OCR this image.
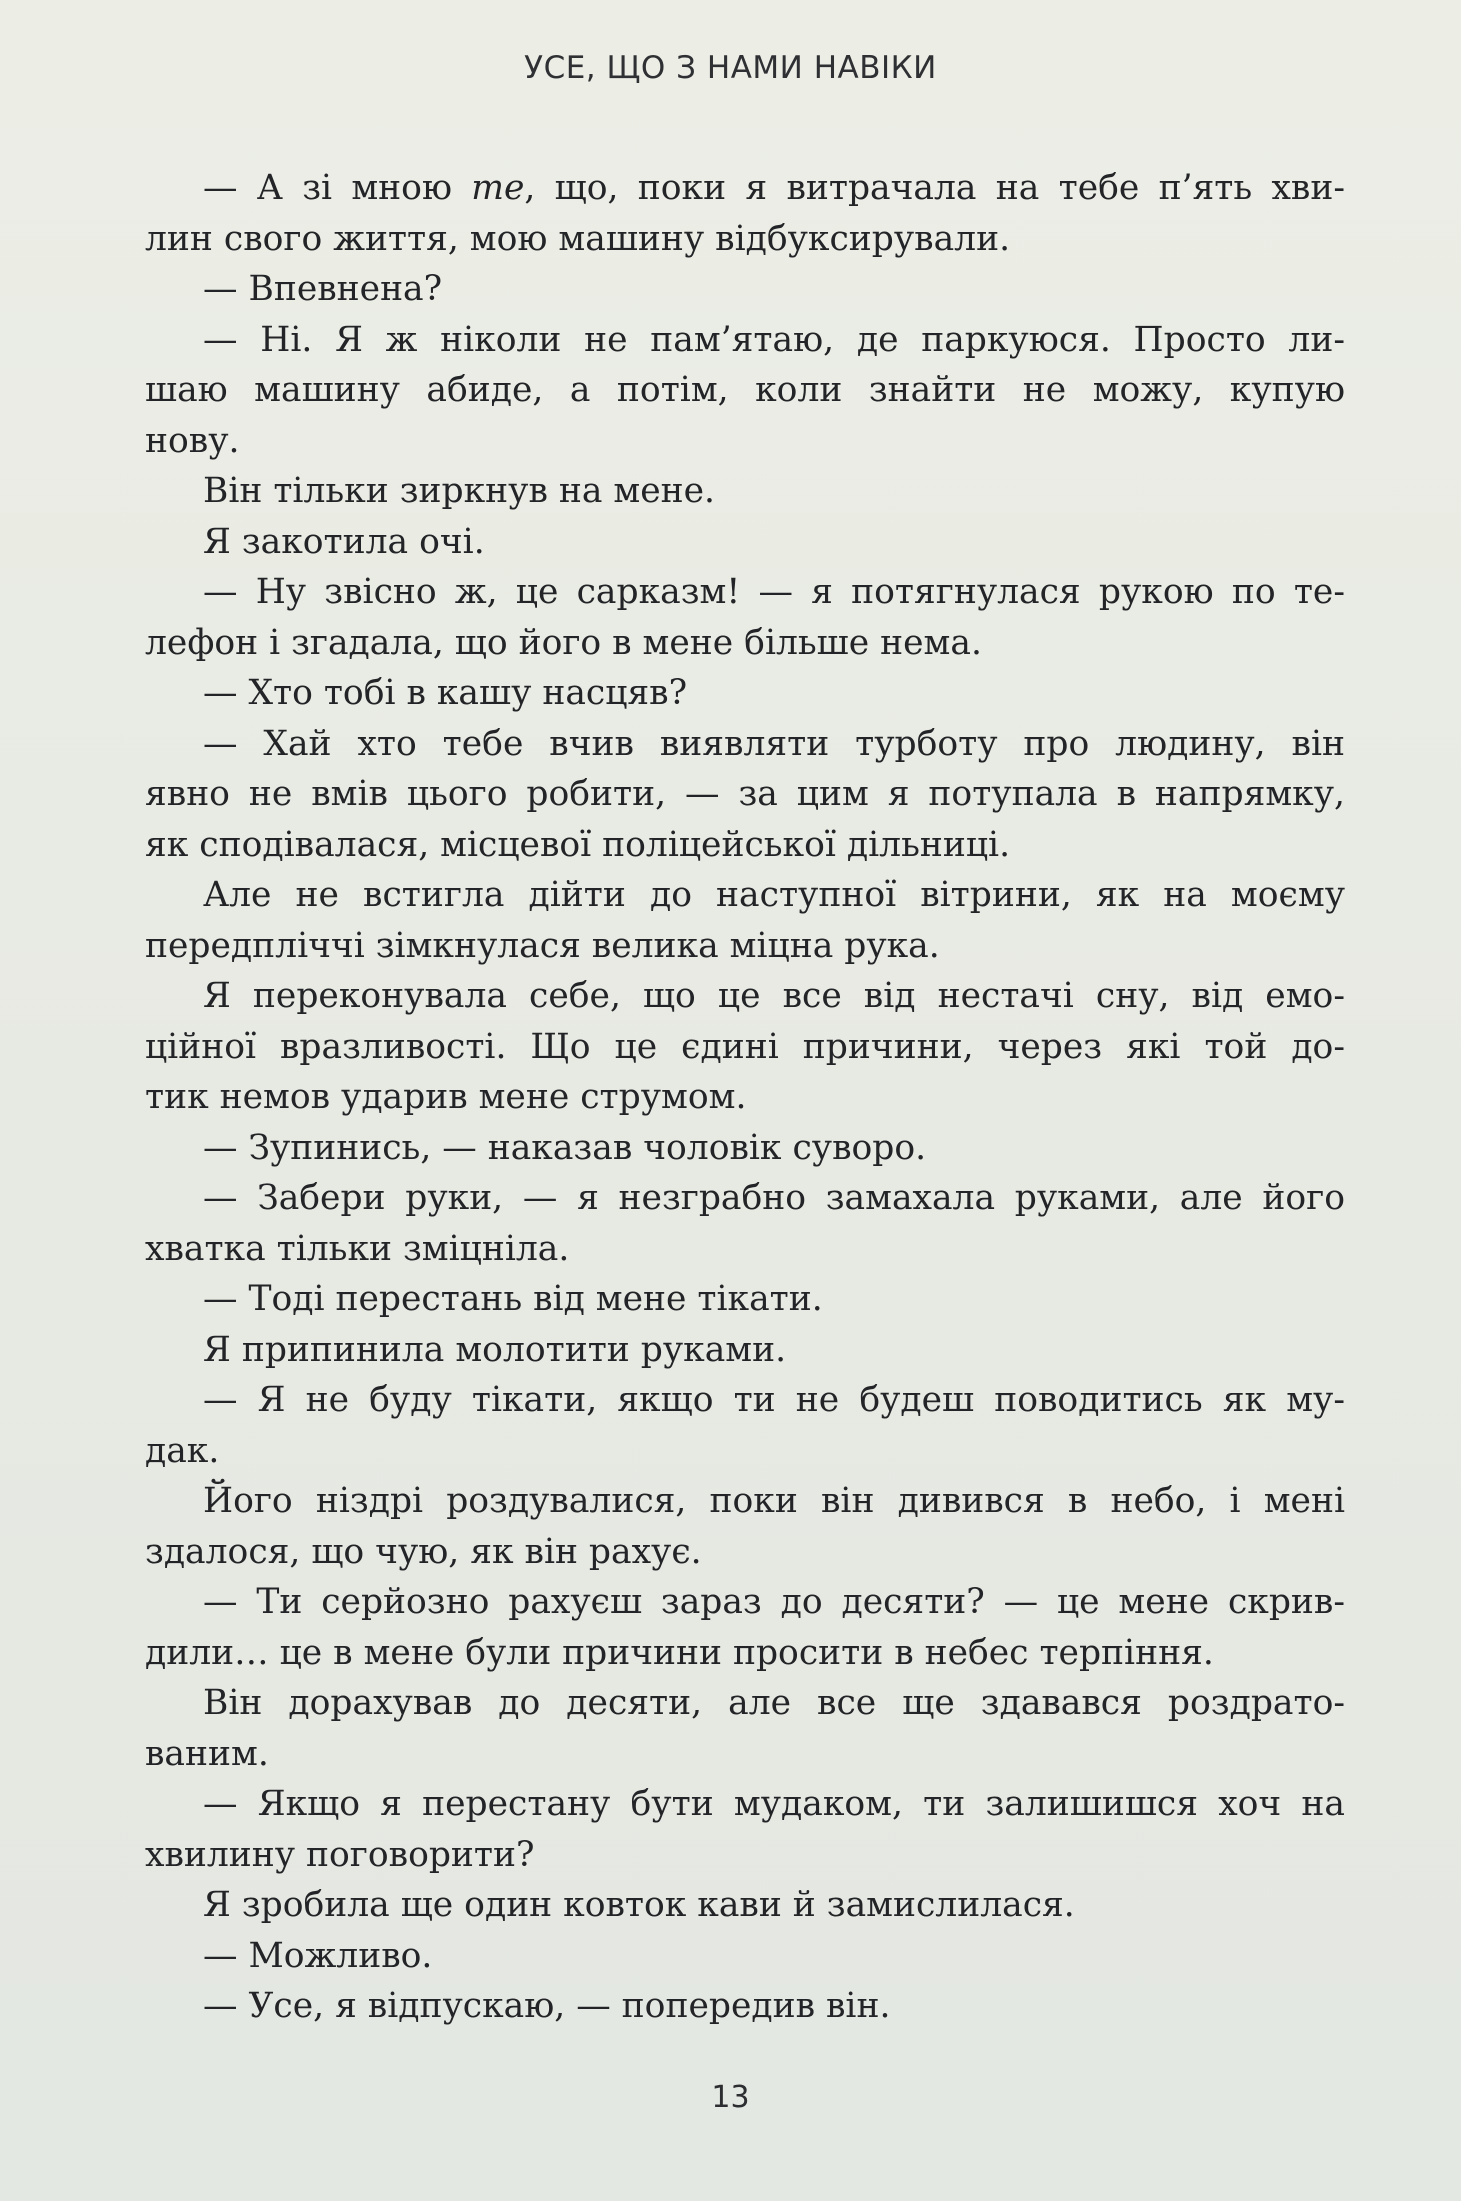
УСЕ, ЩО З НАМИ НАВІКИ
— А зі мною те, що, поки я витрачала на тебе п’ять хви-
лин свого життя, мою машину відбуксирували.
— Впевнена?
— Ні. Я ж ніколи не пам’ятаю, де паркуюся. Просто ли-
шаю машину абиде, а потім, коли знайти не можу, купую
нову.
Він тільки зиркнув на мене.
Я закотила очі.
— Ну звісно ж, це сарказм! — я потягнулася рукою по те-
лефон і згадала, що його в мене більше нема.
— Хто тобі в кашу насцяв?
— Хай хто тебе вчив виявляти турботу про людину, він
явно не вмів цього робити, — за цим я потупала в напрямку,
як сподівалася, місцевої поліцейської дільниці.
Але не встигла дійти до наступної вітрини, як на моєму
передпліччі зімкнулася велика міцна рука.
Я переконувала себе, що це все від нестачі сну, від емо-
ційної вразливості. Що це єдині причини, через які той до-
тик немов ударив мене струмом.
— Зупинись, — наказав чоловік суворо.
— Забери руки, — я незграбно замахала руками, але його
хватка тільки зміцніла.
— Тоді перестань від мене тікати.
Я припинила молотити руками.
— Я не буду тікати, якщо ти не будеш поводитись як му-
дак.
Його ніздрі роздувалися, поки він дивився в небо, і мені
здалося, що чую, як він рахує.
— Ти серйозно рахуєш зараз до десяти? — це мене скрив-
дили… це в мене були причини просити в небес терпіння.
Він дорахував до десяти, але все ще здавався роздрато-
ваним.
— Якщо я перестану бути мудаком, ти залишишся хоч на
хвилину поговорити?
Я зробила ще один ковток кави й замислилася.
— Можливо.
— Усе, я відпускаю, — попередив він.
13
